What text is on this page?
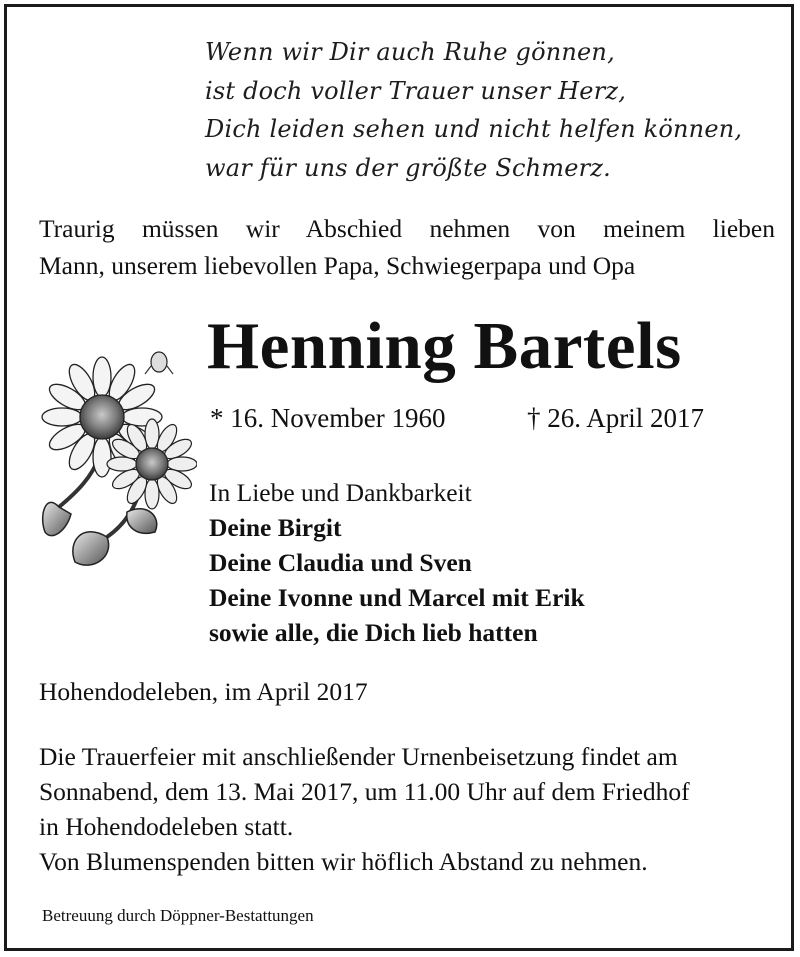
Wenn wir Dir auch Ruhe gönnen,
ist doch voller Trauer unser Herz,
Dich leiden sehen und nicht helfen können,
war für uns der größte Schmerz.
Traurig müssen wir Abschied nehmen von meinem lieben
Mann, unserem liebevollen Papa, Schwiegerpapa und Opa
Henning Bartels
* 16. November 1960	† 26. April 2017
In Liebe und Dankbarkeit
Deine Birgit
Deine Claudia und Sven
Deine Ivonne und Marcel mit Erik
sowie alle, die Dich lieb hatten
Hohendodeleben, im April 2017
Die Trauerfeier mit anschließender Urnenbeisetzung findet am
Sonnabend, dem 13. Mai 2017, um 11.00 Uhr auf dem Friedhof
in Hohendodeleben statt.
Von Blumenspenden bitten wir höflich Abstand zu nehmen.
Betreuung durch Döppner-Bestattungen
